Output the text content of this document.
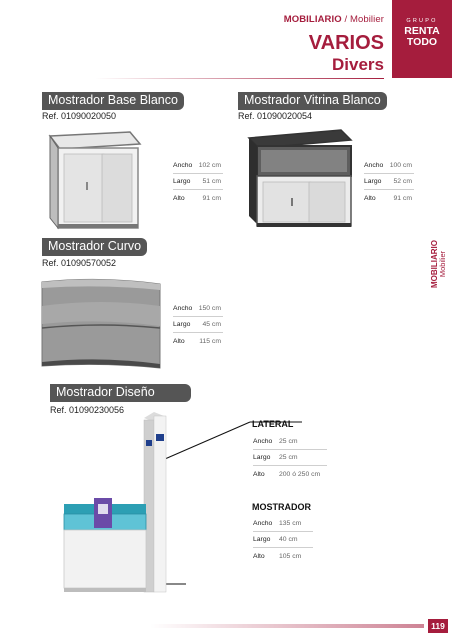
MOBILIARIO / Mobilier
VARIOS
Divers
GRUPO
RENTA
TODO
MOBILIARIO Mobilier
Mostrador Base Blanco
Ref. 01090020050
Ancho 102 cm
Largo	51 cm
Alto	91 cm
Mostrador Vitrina Blanco
Ref. 01090020054
Ancho 100 cm
Largo	52 cm
Alto	91 cm
Mostrador Curvo
Ref. 01090570052
Ancho 150 cm
Largo	45 cm
Alto	115 cm
Mostrador Diseño
Ref. 01090230056
LATERAL
Ancho 25 cm
Largo	25 cm
Alto	200 ó 250 cm
MOSTRADOR
Ancho 135 cm
Largo	40 cm
Alto	105 cm
119
